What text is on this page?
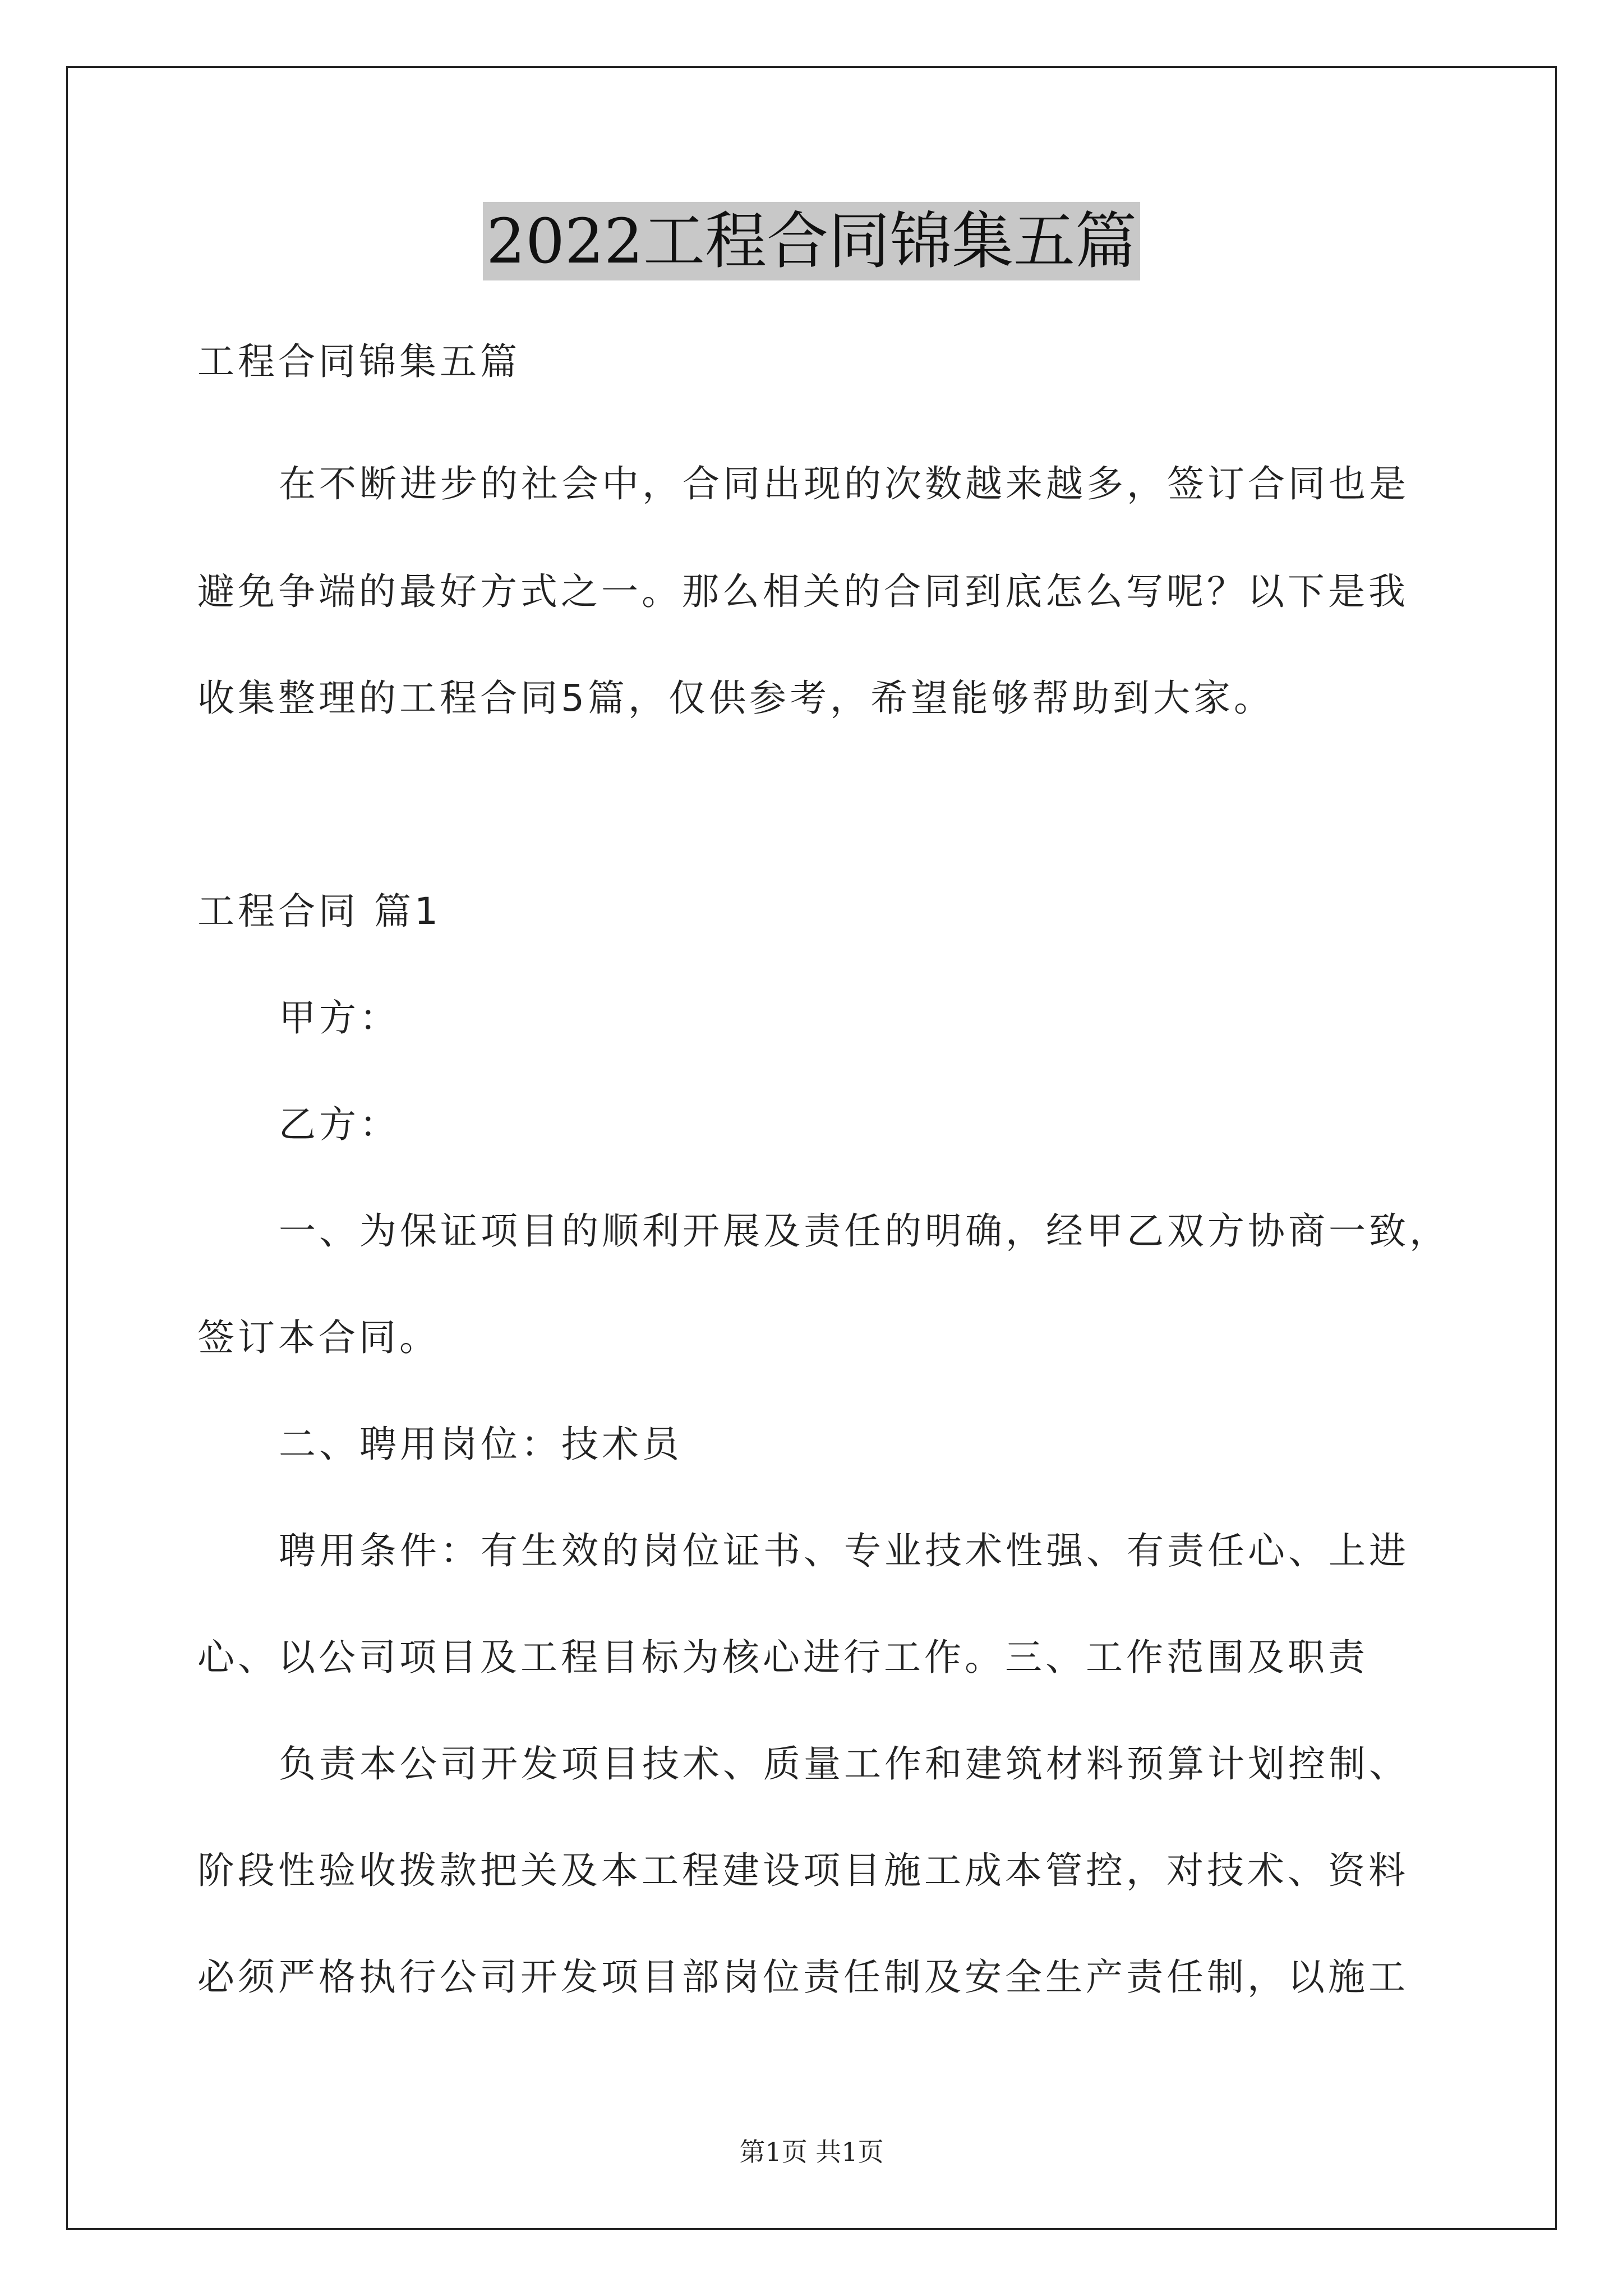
2022工程合同锦集五篇
工程合同锦集五篇
在不断进步的社会中，合同出现的次数越来越多，签订合同也是
避免争端的最好方式之一。那么相关的合同到底怎么写呢？以下是我
收集整理的工程合同5篇，仅供参考，希望能够帮助到大家。
工程合同 篇1
甲方：
乙方：
一、为保证项目的顺利开展及责任的明确，经甲乙双方协商一致，
签订本合同。
二、聘用岗位：技术员
聘用条件：有生效的岗位证书、专业技术性强、有责任心、上进
心、以公司项目及工程目标为核心进行工作。三、工作范围及职责
负责本公司开发项目技术、质量工作和建筑材料预算计划控制、
阶段性验收拨款把关及本工程建设项目施工成本管控，对技术、资料
必须严格执行公司开发项目部岗位责任制及安全生产责任制，以施工
第1页 共1页
